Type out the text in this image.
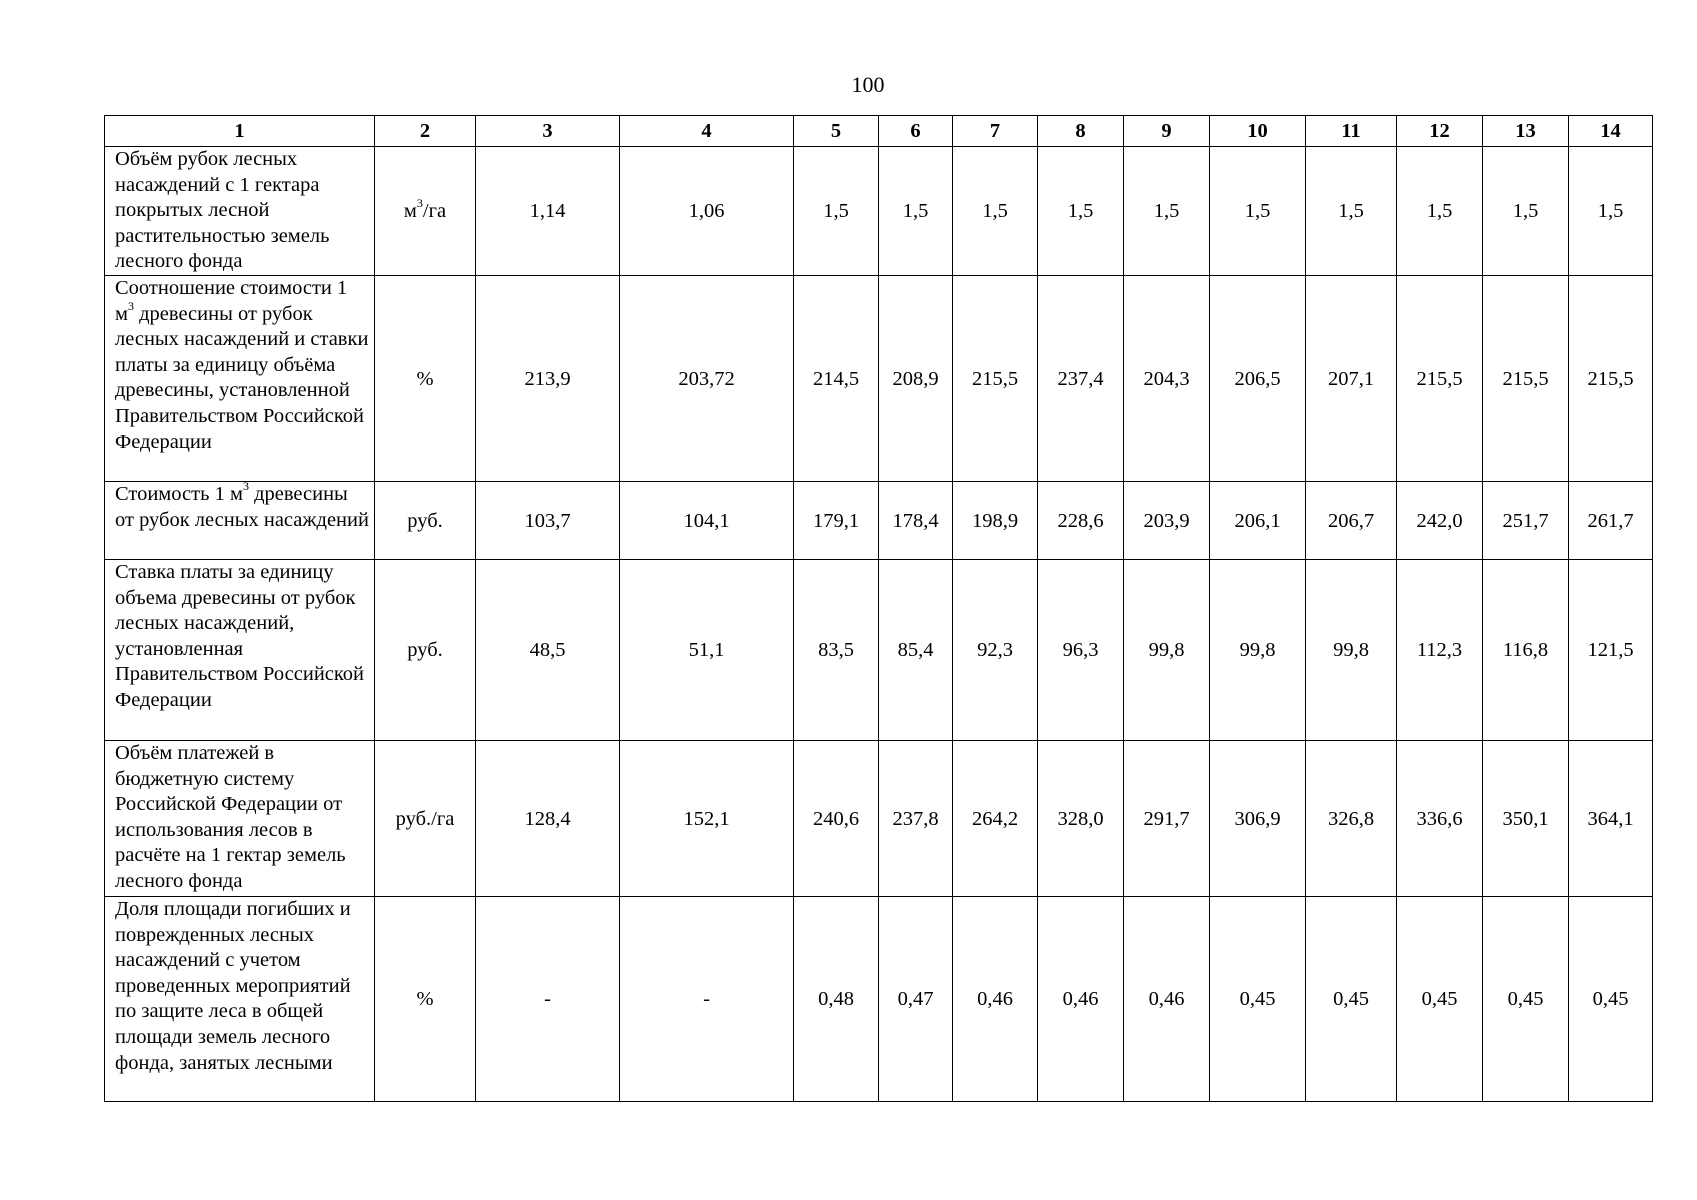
100
1	2	3	4	5	6	7	8	9	10	11	12	13	14
Объём рубок лесных насаждений с 1 гектара покрытых лесной растительностью земель лесного фонда	$м^3/га$	1,14	1,06	1,5	1,5	1,5	1,5	1,5	1,5	1,5	1,5	1,5	1,5
Соотношение стоимости 1 $м^3$ древесины от рубок лесных насаждений и ставки платы за единицу объёма древесины, установленной Правительством Российской Федерации	%	213,9	203,72	214,5	208,9	215,5	237,4	204,3	206,5	207,1	215,5	215,5	215,5
Стоимость 1 $м^3$ древесины от рубок лесных насаждений	руб.	103,7	104,1	179,1	178,4	198,9	228,6	203,9	206,1	206,7	242,0	251,7	261,7
Ставка платы за единицу объема древесины от рубок лесных насаждений, установленная Правительством Российской Федерации	руб.	48,5	51,1	83,5	85,4	92,3	96,3	99,8	99,8	99,8	112,3	116,8	121,5
Объём платежей в бюджетную систему Российской Федерации от использования лесов в расчёте на 1 гектар земель лесного фонда	руб./га	128,4	152,1	240,6	237,8	264,2	328,0	291,7	306,9	326,8	336,6	350,1	364,1
Доля площади погибших и поврежденных лесных насаждений с учетом проведенных мероприятий по защите леса в общей площади земель лесного фонда, занятых лесными	%	-	-	0,48	0,47	0,46	0,46	0,46	0,45	0,45	0,45	0,45	0,45
